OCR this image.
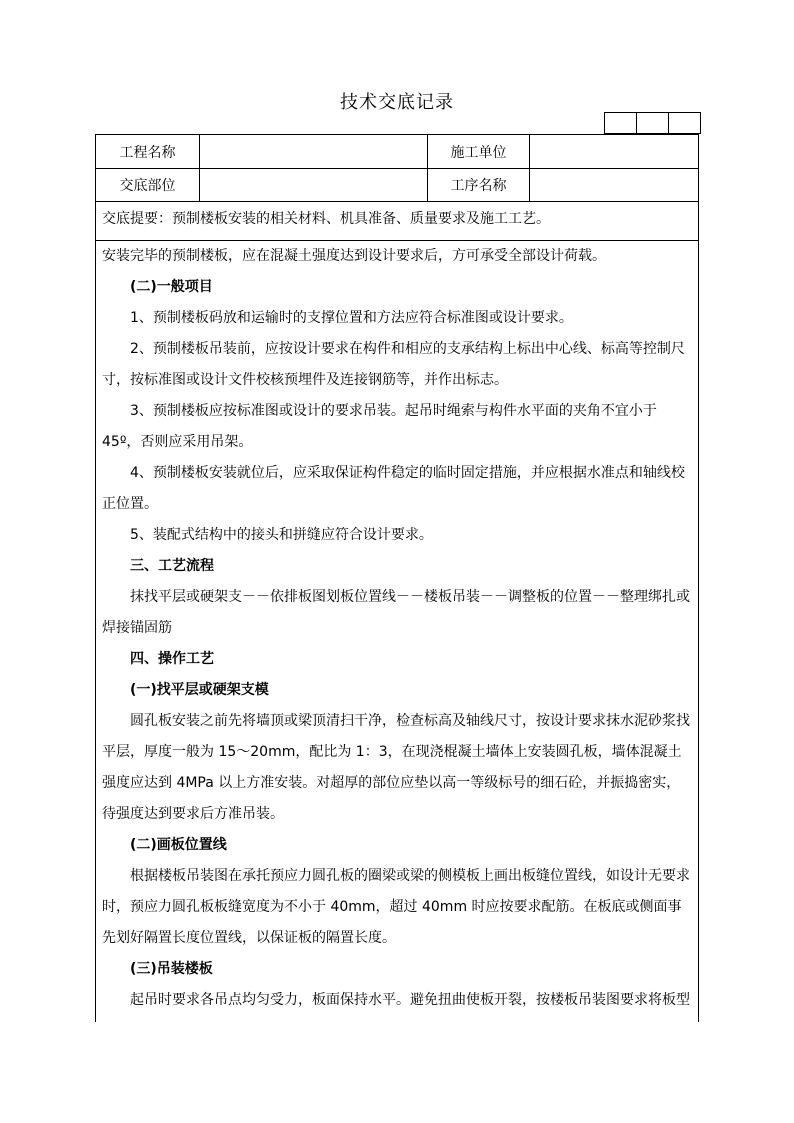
技术交底记录

工程名称	施工单位
交底部位	工序名称
交底提要：预制楼板安装的相关材料、机具准备、质量要求及施工工艺。

安装完毕的预制楼板，应在混凝土强度达到设计要求后，方可承受全部设计荷载。

(二)一般项目

1、预制楼板码放和运输时的支撑位置和方法应符合标准图或设计要求。

2、预制楼板吊装前，应按设计要求在构件和相应的支承结构上标出中心线、标高等控制尺寸，按标准图或设计文件校核预埋件及连接钢筋等，并作出标志。

3、预制楼板应按标准图或设计的要求吊装。起吊时绳索与构件水平面的夹角不宜小于45º，否则应采用吊架。

4、预制楼板安装就位后，应采取保证构件稳定的临时固定措施，并应根据水准点和轴线校正位置。

5、装配式结构中的接头和拼缝应符合设计要求。

三、工艺流程

抹找平层或硬架支－－依排板图划板位置线－－楼板吊装－－调整板的位置－－整理绑扎或焊接锚固筋

四、操作工艺

(一)找平层或硬架支模

圆孔板安装之前先将墙顶或梁顶清扫干净，检查标高及轴线尺寸，按设计要求抹水泥砂浆找平层，厚度一般为 15～20mm，配比为 1：3，在现浇棍凝土墙体上安装圆孔板，墙体混凝土强度应达到 4MPa 以上方准安装。对超厚的部位应垫以高一等级标号的细石砼，并振捣密实，待强度达到要求后方准吊装。

(二)画板位置线

根据楼板吊装图在承托预应力圆孔板的圈梁或梁的侧模板上画出板缝位置线，如设计无要求时，预应力圆孔板板缝宽度为不小于 40mm，超过 40mm 时应按要求配筋。在板底或侧面事先划好隔置长度位置线，以保证板的隔置长度。

(三)吊装楼板

起吊时要求各吊点均匀受力，板面保持水平。避免扭曲使板开裂，按楼板吊装图要求将板型
